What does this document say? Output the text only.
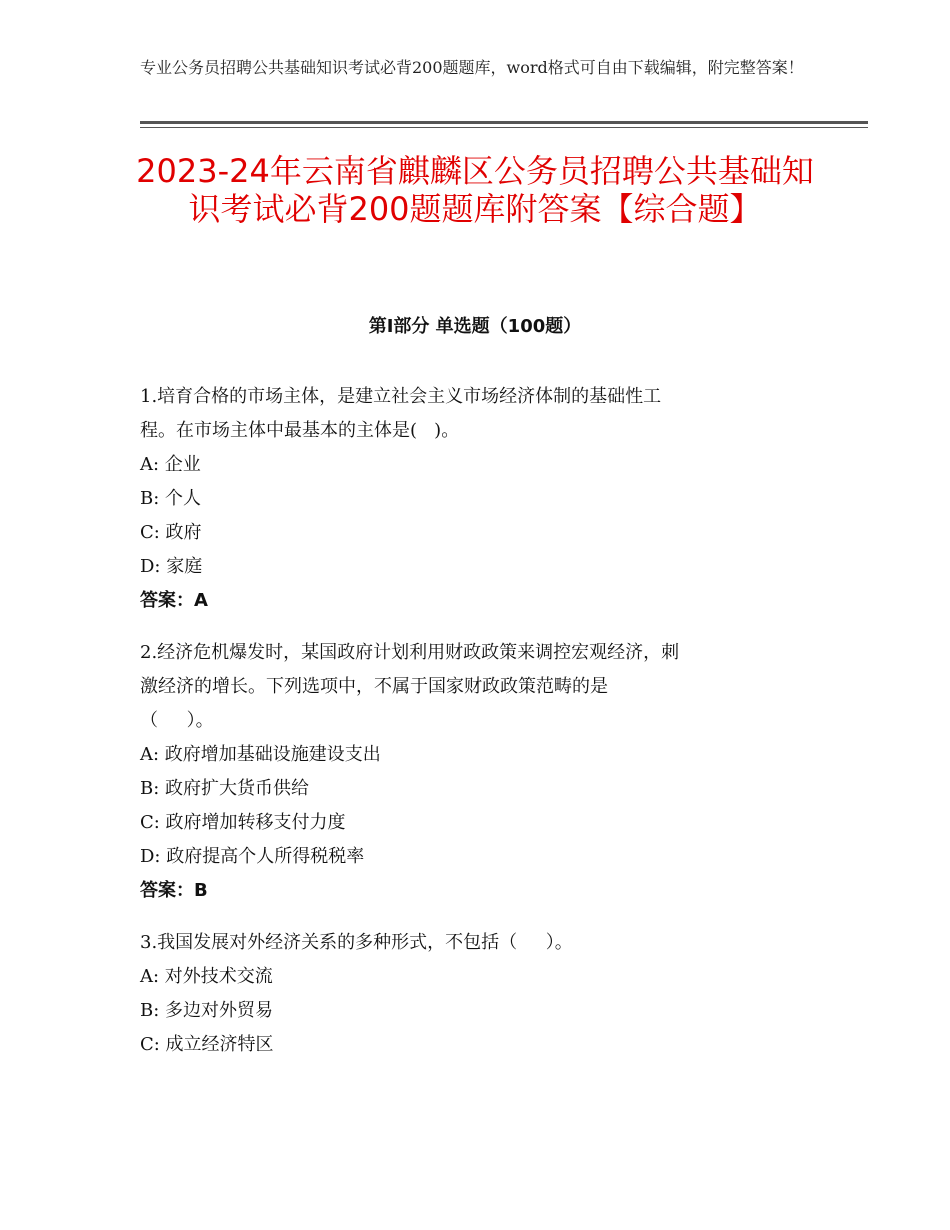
专业公务员招聘公共基础知识考试必背200题题库，word格式可自由下载编辑，附完整答案！
2023-24年云南省麒麟区公务员招聘公共基础知识考试必背200题题库附答案【综合题】
第I部分 单选题（100题）

1.培育合格的市场主体，是建立社会主义市场经济体制的基础性工

程。在市场主体中最基本的主体是(   )。

A: 企业

B: 个人

C: 政府

D: 家庭

答案：A

2.经济危机爆发时，某国政府计划利用财政政策来调控宏观经济，刺

激经济的增长。下列选项中，不属于国家财政政策范畴的是

（     ）。

A: 政府增加基础设施建设支出

B: 政府扩大货币供给

C: 政府增加转移支付力度

D: 政府提高个人所得税税率

答案：B

3.我国发展对外经济关系的多种形式，不包括（     ）。

A: 对外技术交流

B: 多边对外贸易

C: 成立经济特区
